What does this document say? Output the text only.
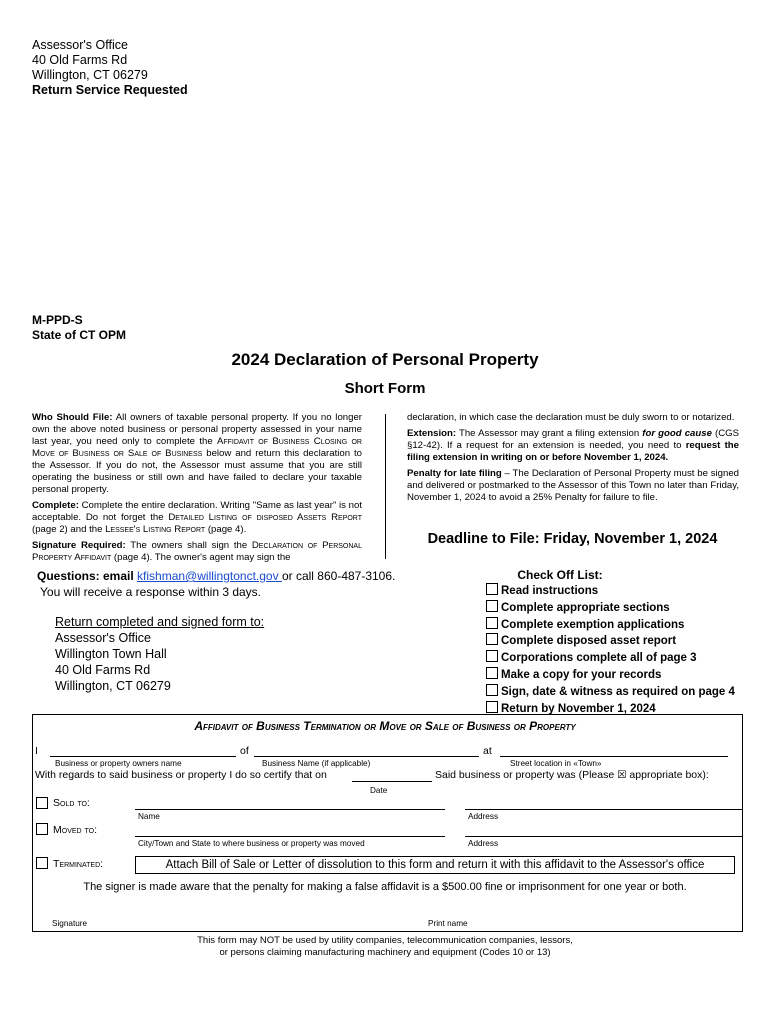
Assessor's Office
40 Old Farms Rd
Willington, CT 06279
Return Service Requested
M-PPD-S
State of CT OPM
2024 Declaration of Personal Property
Short Form

Who Should File: All owners of taxable personal property. If you no longer own the above noted business or personal property assessed in your name last year, you need only to complete the Affidavit of Business Closing or Move of Business or Sale of Business below and return this declaration to the Assessor. If you do not, the Assessor must assume that you are still operating the business or still own and have failed to declare your taxable personal property.

Complete: Complete the entire declaration. Writing "Same as last year" is not acceptable. Do not forget the Detailed Listing of disposed Assets Report (page 2) and the Lessee's Listing Report (page 4).

Signature Required: The owners shall sign the Declaration of Personal Property Affidavit (page 4). The owner's agent may sign the

declaration, in which case the declaration must be duly sworn to or notarized.

Extension: The Assessor may grant a filing extension for good cause (CGS §12-42). If a request for an extension is needed, you need to request the filing extension in writing on or before November 1, 2024.

Penalty for late filing – The Declaration of Personal Property must be signed and delivered or postmarked to the Assessor of this Town no later than Friday, November 1, 2024 to avoid a 25% Penalty for failure to file.

Deadline to File: Friday, November 1, 2024
Questions: email kfishman@willingtonct.gov or call 860-487-3106.
You will receive a response within 3 days.
Return completed and signed form to:
Assessor's Office
Willington Town Hall
40 Old Farms Rd
Willington, CT 06279
Check Off List:
Read instructions
Complete appropriate sections
Complete exemption applications
Complete disposed asset report
Corporations complete all of page 3
Make a copy for your records
Sign, date & witness as required on page 4
Return by November 1, 2024
Affidavit of Business Termination or Move or Sale of Business or Property
I	of	at
Business or property owners name	Business Name (if applicable)	Street location in «Town»
With regards to said business or property I do so certify that on	Said business or property was (Please ☒ appropriate box):
Date
Sold to:
Name	Address
Moved to:
City/Town and State to where business or property was moved	Address
Terminated:	Attach Bill of Sale or Letter of dissolution to this form and return it with this affidavit to the Assessor's office
The signer is made aware that the penalty for making a false affidavit is a $500.00 fine or imprisonment for one year or both.
Signature	Print name
This form may NOT be used by utility companies, telecommunication companies, lessors,
or persons claiming manufacturing machinery and equipment (Codes 10 or 13)
